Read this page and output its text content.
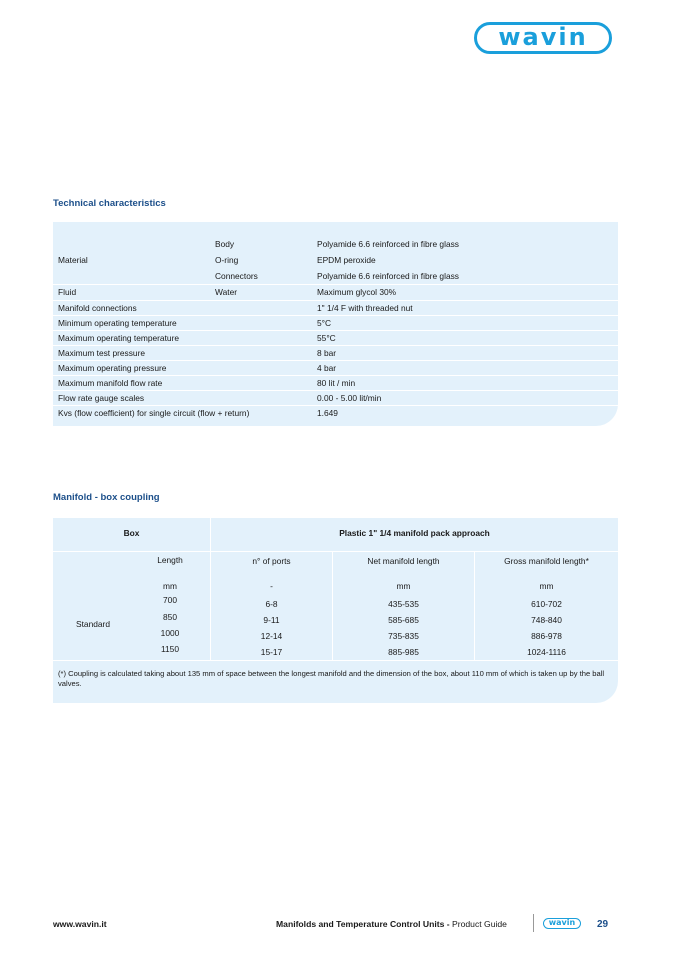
wavin
Technical characteristics
Material
Body	Polyamide 6.6 reinforced in fibre glass
O-ring	EPDM peroxide
Connectors	Polyamide 6.6 reinforced in fibre glass
Fluid	Water	Maximum glycol 30%
Manifold connections	1" 1/4 F with threaded nut
Minimum operating temperature	5°C
Maximum operating temperature	55°C
Maximum test pressure	8 bar
Maximum operating pressure	4 bar
Maximum manifold flow rate	80 lit / min
Flow rate gauge scales	0.00 - 5.00 lit/min
Kvs (flow coefficient) for single circuit (flow + return)	1.649
Manifold - box coupling
Box	Plastic 1" 1/4 manifold pack approach
Length	n° of ports	Net manifold length	Gross manifold length*
mm	-	mm	mm
Standard
700	6-8	435-535	610-702
850	9-11	585-685	748-840
1000	12-14	735-835	886-978
1150	15-17	885-985	1024-1116
(*) Coupling is calculated taking about 135 mm of space between the longest manifold and the dimension of the box, about 110 mm of which is taken up by the ball valves.
www.wavin.it	Manifolds and Temperature Control Units - Product Guide	wavin 29
